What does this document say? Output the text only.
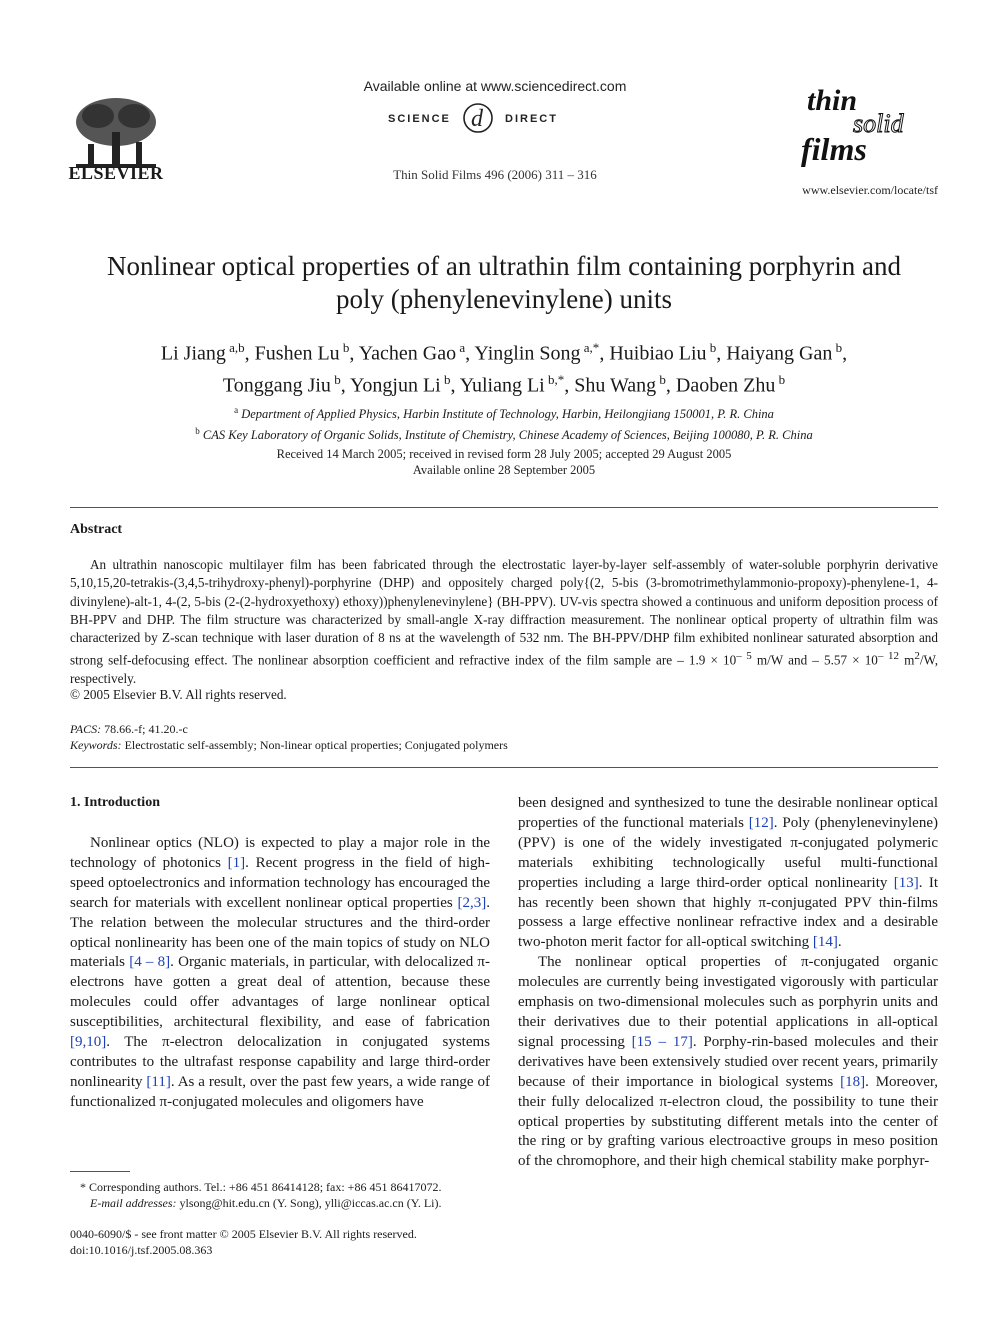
ELSEVIER
Available online at www.sciencedirect.com
SCIENCE d DIRECT
Thin Solid Films 496 (2006) 311 – 316
thin
solid
films
www.elsevier.com/locate/tsf
Nonlinear optical properties of an ultrathin film containing porphyrin and
poly (phenylenevinylene) units
Li Jiang $^{a,b}$, Fushen Lu $^b$, Yachen Gao $^a$, Yinglin Song $^{a,*}$, Huibiao Liu $^b$, Haiyang Gan $^b$,
Tonggang Jiu $^b$, Yongjun Li $^b$, Yuliang Li $^{b,*}$, Shu Wang $^b$, Daoben Zhu $^b$
$^a$ Department of Applied Physics, Harbin Institute of Technology, Harbin, Heilongjiang 150001, P. R. China
$^b$ CAS Key Laboratory of Organic Solids, Institute of Chemistry, Chinese Academy of Sciences, Beijing 100080, P. R. China
Received 14 March 2005; received in revised form 28 July 2005; accepted 29 August 2005
Available online 28 September 2005
Abstract

An ultrathin nanoscopic multilayer film has been fabricated through the electrostatic layer-by-layer self-assembly of water-soluble porphyrin derivative 5,10,15,20-tetrakis-(3,4,5-trihydroxy-phenyl)-porphyrine (DHP) and oppositely charged poly{(2, 5-bis (3-bromotrimethylammonio-propoxy)-phenylene-1, 4-divinylene)-alt-1, 4-(2, 5-bis (2-(2-hydroxyethoxy) ethoxy))phenylenevinylene} (BH-PPV). UV-vis spectra showed a continuous and uniform deposition process of BH-PPV and DHP. The film structure was characterized by small-angle X-ray diffraction measurement. The nonlinear optical property of ultrathin film was characterized by Z-scan technique with laser duration of 8 ns at the wavelength of 532 nm. The BH-PPV/DHP film exhibited nonlinear saturated absorption and strong self-defocusing effect. The nonlinear absorption coefficient and refractive index of the film sample are – $1.9 \times 10^{- 5}$ m/W and – $5.57 \times 10^{- 12}$ $m^2/W$, respectively.

© 2005 Elsevier B.V. All rights reserved.
PACS: 78.66.-f; 41.20.-c
Keywords: Electrostatic self-assembly; Non-linear optical properties; Conjugated polymers
1. Introduction

Nonlinear optics (NLO) is expected to play a major role in the technology of photonics [1]. Recent progress in the field of high-speed optoelectronics and information technology has encouraged the search for materials with excellent nonlinear optical properties [2,3]. The relation between the molecular structures and the third-order optical nonlinearity has been one of the main topics of study on NLO materials [4 – 8]. Organic materials, in particular, with delocalized π-electrons have gotten a great deal of attention, because these molecules could offer advantages of large nonlinear optical susceptibilities, architectural flexibility, and ease of fabrication [9,10]. The π-electron delocalization in conjugated systems contributes to the ultrafast response capability and large third-order nonlinearity [11]. As a result, over the past few years, a wide range of functionalized π-conjugated molecules and oligomers have

been designed and synthesized to tune the desirable nonlinear optical properties of the functional materials [12]. Poly (phenylenevinylene) (PPV) is one of the widely investigated π-conjugated polymeric materials exhibiting technologically useful multi-functional properties including a large third-order optical nonlinearity [13]. It has recently been shown that highly π-conjugated PPV thin-films possess a large effective nonlinear refractive index and a desirable two-photon merit factor for all-optical switching [14].

The nonlinear optical properties of π-conjugated organic molecules are currently being investigated vigorously with particular emphasis on two-dimensional molecules such as porphyrin units and their derivatives due to their potential applications in all-optical signal processing [15 – 17]. Porphy-rin-based molecules and their derivatives have been extensively studied over recent years, primarily because of their importance in biological systems [18]. Moreover, their fully delocalized π-electron cloud, the possibility to tune their optical properties by substituting different metals into the center of the ring or by grafting various electroactive groups in meso position of the chromophore, and their high chemical stability make porphyr-

* Corresponding authors. Tel.: +86 451 86414128; fax: +86 451 86417072.
E-mail addresses: ylsong@hit.edu.cn (Y. Song), ylli@iccas.ac.cn (Y. Li).
0040-6090/$ - see front matter © 2005 Elsevier B.V. All rights reserved.
doi:10.1016/j.tsf.2005.08.363
